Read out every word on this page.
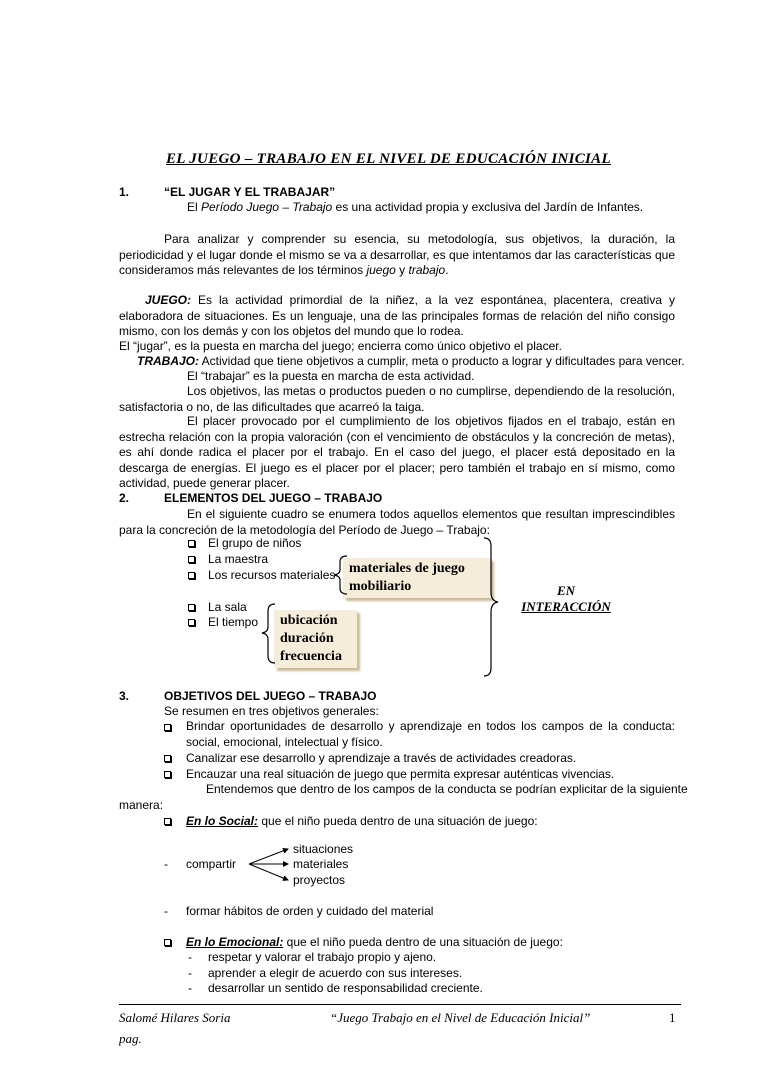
EL JUEGO – TRABAJO EN EL NIVEL DE EDUCACIÓN INICIAL
1.	“EL JUGAR Y EL TRABAJAR”
El Período Juego – Trabajo es una actividad propia y exclusiva del Jardín de Infantes.
Para analizar y comprender su esencia, su metodología, sus objetivos, la duración, la periodicidad y el lugar donde el mismo se va a desarrollar, es que intentamos dar las características que consideramos más relevantes de los términos juego y trabajo.
JUEGO: Es la actividad primordial de la niñez, a la vez espontánea, placentera, creativa y elaboradora de situaciones. Es un lenguaje, una de las principales formas de relación del niño consigo mismo, con los demás y con los objetos del mundo que lo rodea.
El “jugar”, es la puesta en marcha del juego; encierra como único objetivo el placer.
TRABAJO: Actividad que tiene objetivos a cumplir, meta o producto a lograr y dificultades para vencer.
El “trabajar” es la puesta en marcha de esta actividad.
Los objetivos, las metas o productos pueden o no cumplirse, dependiendo de la resolución, satisfactoria o no, de las dificultades que acarreó la taiga.
El placer provocado por el cumplimiento de los objetivos fijados en el trabajo, están en estrecha relación con la propia valoración (con el vencimiento de obstáculos y la concreción de metas), es ahí donde radica el placer por el trabajo. En el caso del juego, el placer está depositado en la descarga de energías. El juego es el placer por el placer; pero también el trabajo en sí mismo, como actividad, puede generar placer.
2.	ELEMENTOS DEL JUEGO – TRABAJO
En el siguiente cuadro se enumera todos aquellos elementos que resultan imprescindibles para la concreción de la metodología del Período de Juego – Trabajo:
El grupo de niños
La maestra
Los recursos materiales
La sala
El tiempo
materiales de juego
mobiliario
ubicación
duración
frecuencia
EN
INTERACCIÓN
3.	OBJETIVOS DEL JUEGO – TRABAJO
Se resumen en tres objetivos generales:
Brindar oportunidades de desarrollo y aprendizaje en todos los campos de la conducta: social, emocional, intelectual y físico.
Canalizar ese desarrollo y aprendizaje a través de actividades creadoras.
Encauzar una real situación de juego que permita expresar auténticas vivencias.
Entendemos que dentro de los campos de la conducta se podrían explicitar de la siguiente
manera:
En lo Social: que el niño pueda dentro de una situación de juego:
- compartir
situaciones
materiales
proyectos
- formar hábitos de orden y cuidado del material
En lo Emocional: que el niño pueda dentro de una situación de juego:
- respetar y valorar el trabajo propio y ajeno.
- aprender a elegir de acuerdo con sus intereses.
- desarrollar un sentido de responsabilidad creciente.
Salomé Hilares Soria	“Juego Trabajo en el Nivel de Educación Inicial”	1
pag.
